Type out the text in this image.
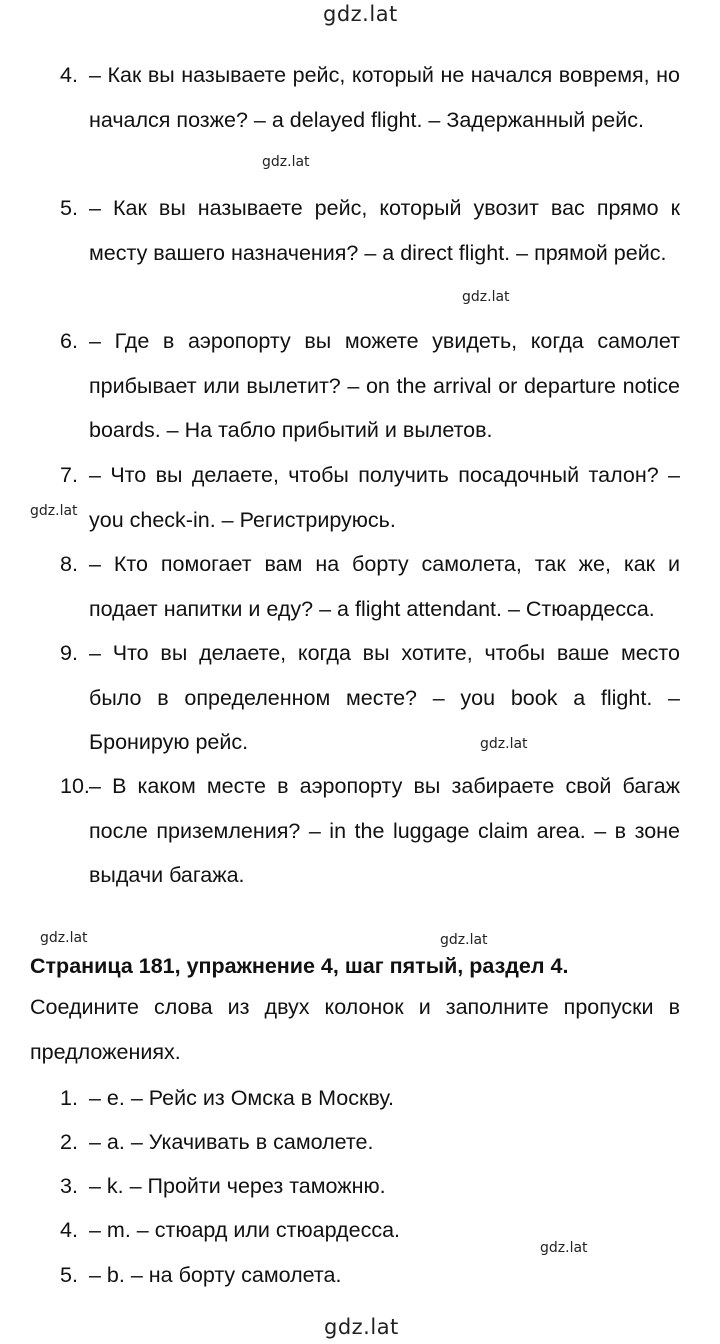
gdz.lat
gdz.lat
gdz.lat
gdz.lat
gdz.lat
gdz.lat	gdz.lat
gdz.lat
gdz.lat
4. – Как вы называете рейс, который не начался вовремя, но начался позже? – a delayed flight. – Задержанный рейс.
5. – Как вы называете рейс, который увозит вас прямо к месту вашего назначения? – a direct flight. – прямой рейс.
6. – Где в аэропорту вы можете увидеть, когда самолет прибывает или вылетит? – on the arrival or departure notice boards. – На табло прибытий и вылетов.
7. – Что вы делаете, чтобы получить посадочный талон? – you check-in. – Регистрируюсь.
8. – Кто помогает вам на борту самолета, так же, как и подает напитки и еду? – a flight attendant. – Стюардесса.
9. – Что вы делаете, когда вы хотите, чтобы ваше место было в определенном месте? – you book a flight. – Бронирую рейс.
10. – В каком месте в аэропорту вы забираете свой багаж после приземления? – in the luggage claim area. – в зоне выдачи багажа.
Страница 181, упражнение 4, шаг пятый, раздел 4.
Соедините слова из двух колонок и заполните пропуски в предложениях.
1. – e. – Рейс из Омска в Москву.
2. – a. – Укачивать в самолете.
3. – k. – Пройти через таможню.
4. – m. – стюард или стюардесса.
5. – b. – на борту самолета.
